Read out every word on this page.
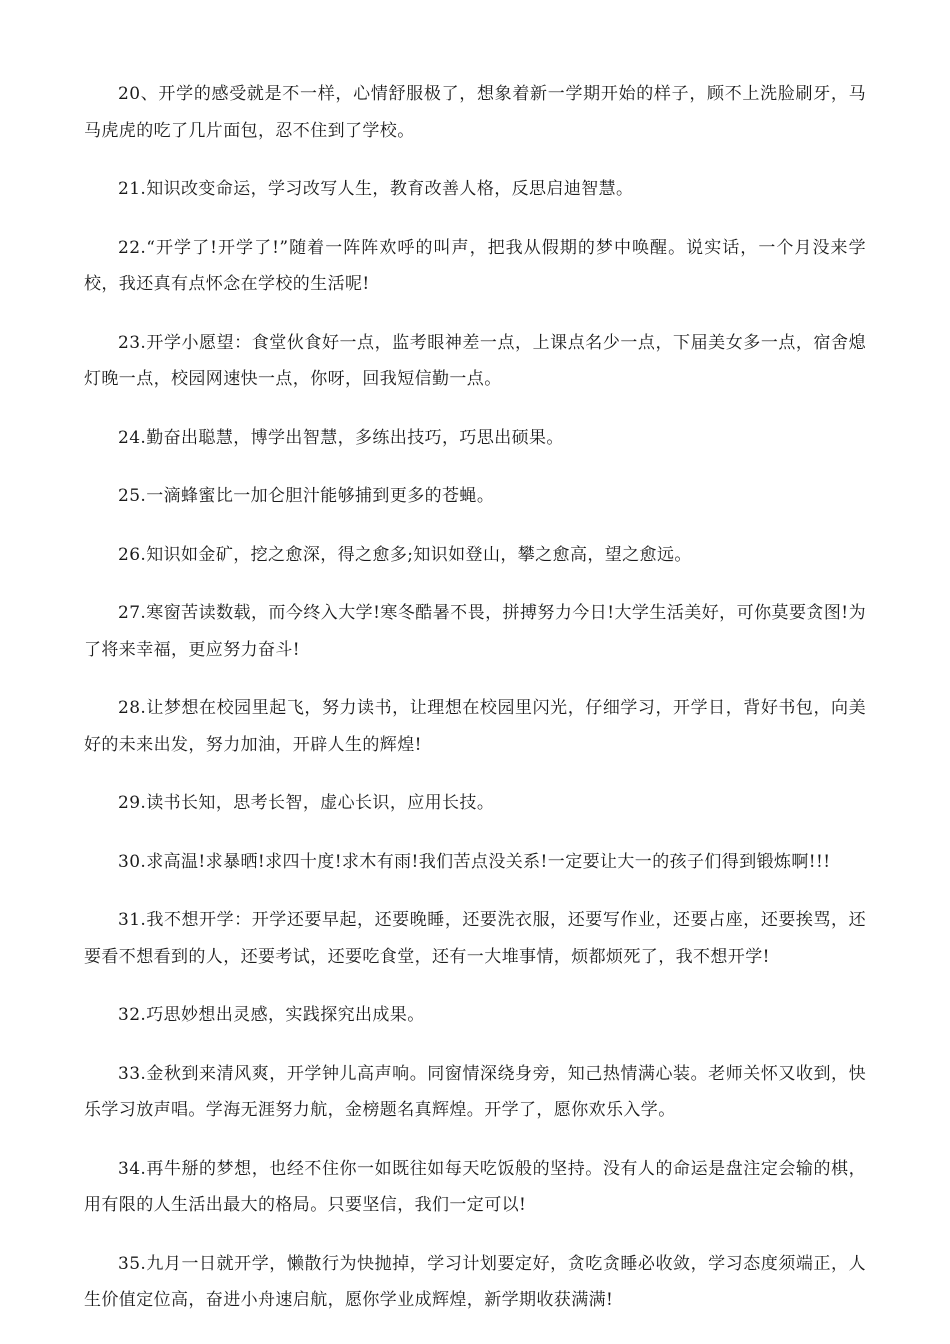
20、开学的感受就是不一样，心情舒服极了，想象着新一学期开始的样子，顾不上洗脸刷牙，马马虎虎的吃了几片面包，忍不住到了学校。

21.知识改变命运，学习改写人生，教育改善人格，反思启迪智慧。

22.“开学了!开学了!”随着一阵阵欢呼的叫声，把我从假期的梦中唤醒。说实话，一个月没来学校，我还真有点怀念在学校的生活呢!

23.开学小愿望：食堂伙食好一点，监考眼神差一点，上课点名少一点，下届美女多一点，宿舍熄灯晚一点，校园网速快一点，你呀，回我短信勤一点。

24.勤奋出聪慧，博学出智慧，多练出技巧，巧思出硕果。

25.一滴蜂蜜比一加仑胆汁能够捕到更多的苍蝇。

26.知识如金矿，挖之愈深，得之愈多;知识如登山，攀之愈高，望之愈远。

27.寒窗苦读数载，而今终入大学!寒冬酷暑不畏，拼搏努力今日!大学生活美好，可你莫要贪图!为了将来幸福，更应努力奋斗!

28.让梦想在校园里起飞，努力读书，让理想在校园里闪光，仔细学习，开学日，背好书包，向美好的未来出发，努力加油，开辟人生的辉煌!

29.读书长知，思考长智，虚心长识，应用长技。

30.求高温!求暴晒!求四十度!求木有雨!我们苦点没关系!一定要让大一的孩子们得到锻炼啊!!!

31.我不想开学：开学还要早起，还要晚睡，还要洗衣服，还要写作业，还要占座，还要挨骂，还要看不想看到的人，还要考试，还要吃食堂，还有一大堆事情，烦都烦死了，我不想开学!

32.巧思妙想出灵感，实践探究出成果。

33.金秋到来清风爽，开学钟儿高声响。同窗情深绕身旁，知己热情满心装。老师关怀又收到，快乐学习放声唱。学海无涯努力航，金榜题名真辉煌。开学了，愿你欢乐入学。

34.再牛掰的梦想，也经不住你一如既往如每天吃饭般的坚持。没有人的命运是盘注定会输的棋，用有限的人生活出最大的格局。只要坚信，我们一定可以!

35.九月一日就开学，懒散行为快抛掉，学习计划要定好，贪吃贪睡必收敛，学习态度须端正，人生价值定位高，奋进小舟速启航，愿你学业成辉煌，新学期收获满满!
